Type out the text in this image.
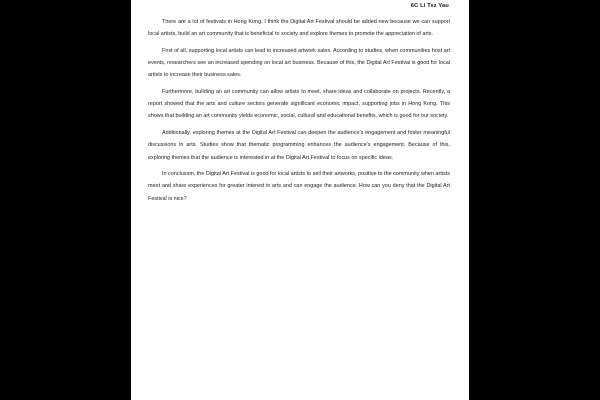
6C Li Tsz Yau

There are a lot of festivals in Hong Kong. I think the Digital Art Festival should be added new because we can support local artists, build an art community that is beneficial to society and explore themes to promote the appreciation of arts.

First of all, supporting local artists can lead to increased artwork sales. According to studies, when communities host art events, researchers see an increased spending on local art business. Because of this, the Digital Art Festival is good for local artists to increase their business sales.

Furthermore, building an art community can allow artists to meet, share ideas and collaborate on projects. Recently, a report showed that the arts and culture sectors generate significant economic impact, supporting jobs in Hong Kong. This shows that building an art community yields economic, social, cultural and educational benefits, which is good for our society.

Additionally, exploring themes at the Digital Art Festival can deepen the audience’s engagement and foster meaningful discussions in arts. Studies show that thematic programming enhances the audience’s engagement. Because of this, exploring themes that the audience is interested in at the Digital Art Festival to focus on specific ideas.

In conclusion, the Digital Art Festival is good for local artists to sell their artworks, positive to the community when artists meet and share experiences for greater interest in arts and can engage the audience. How can you deny that the Digital Art Festival is nice?
